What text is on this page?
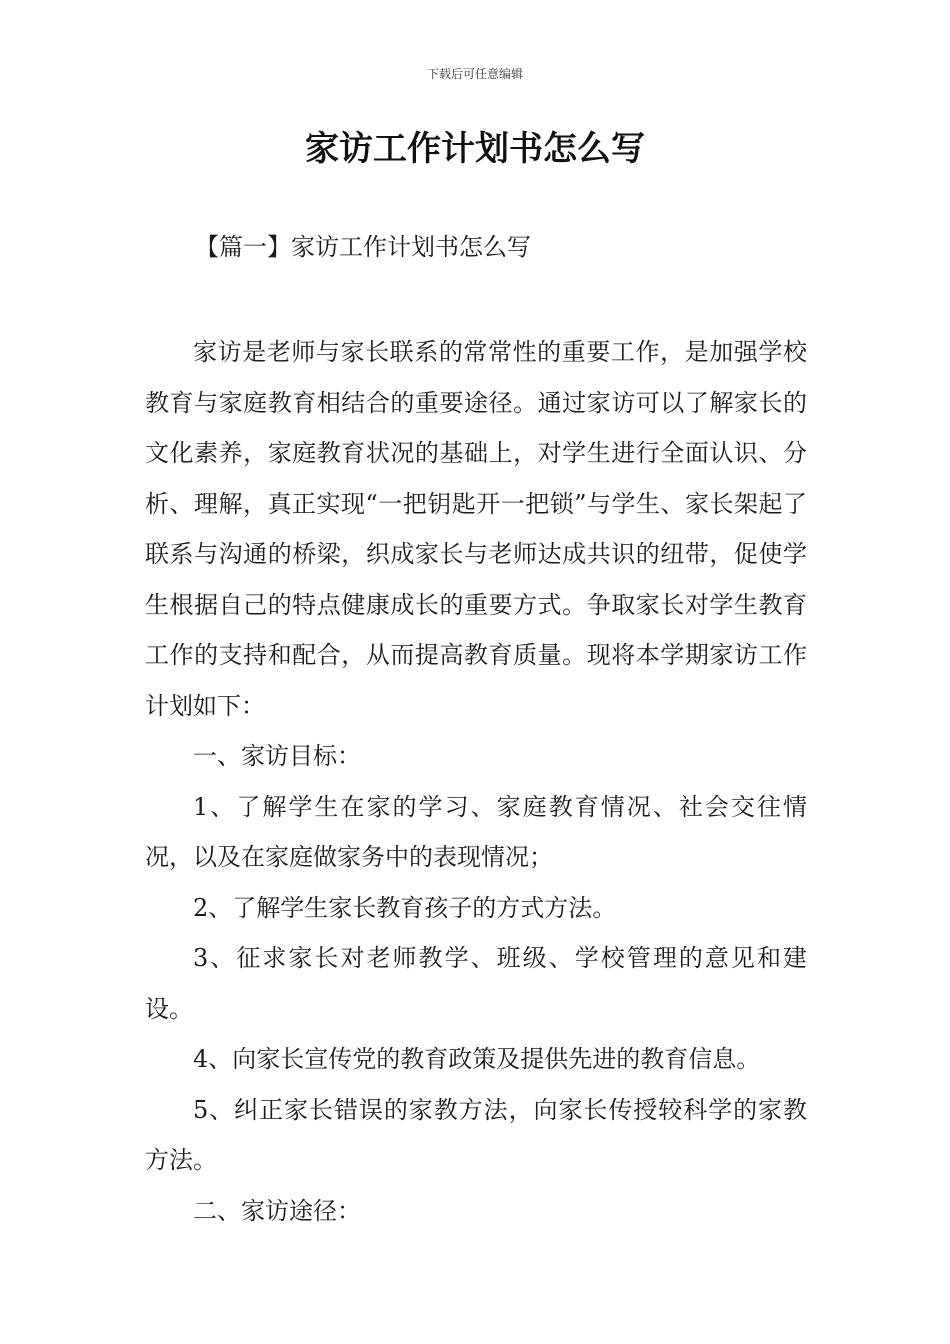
下载后可任意编辑
家访工作计划书怎么写
【篇一】家访工作计划书怎么写

家访是老师与家长联系的常常性的重要工作，是加强学校教育与家庭教育相结合的重要途径。通过家访可以了解家长的文化素养，家庭教育状况的基础上，对学生进行全面认识、分析、理解，真正实现“一把钥匙开一把锁”与学生、家长架起了联系与沟通的桥梁，织成家长与老师达成共识的纽带，促使学生根据自己的特点健康成长的重要方式。争取家长对学生教育工作的支持和配合，从而提高教育质量。现将本学期家访工作计划如下：

一、家访目标：

1、了解学生在家的学习、家庭教育情况、社会交往情况，以及在家庭做家务中的表现情况；

2、了解学生家长教育孩子的方式方法。

3、征求家长对老师教学、班级、学校管理的意见和建设。

4、向家长宣传党的教育政策及提供先进的教育信息。

5、纠正家长错误的家教方法，向家长传授较科学的家教方法。

二、家访途径：
